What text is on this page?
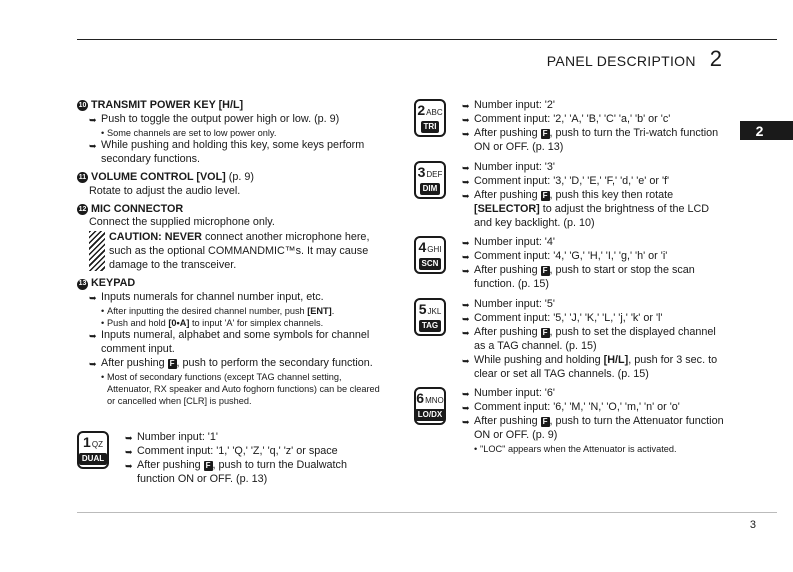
PANEL DESCRIPTION 2
2
10 TRANSMIT POWER KEY [H/L]
➥ Push to toggle the output power high or low. (p. 9)
• Some channels are set to low power only.
➥ While pushing and holding this key, some keys perform secondary functions.
11 VOLUME CONTROL [VOL] (p. 9)
Rotate to adjust the audio level.
12 MIC CONNECTOR
Connect the supplied microphone only.
CAUTION: NEVER connect another microphone here, such as the optional COMMANDMIC™s. It may cause damage to the transceiver.
13 KEYPAD
➥ Inputs numerals for channel number input, etc.
• After inputting the desired channel number, push [ENT].
• Push and hold [0•A] to input 'A' for simplex channels.
➥ Inputs numeral, alphabet and some symbols for channel comment input.
➥ After pushing F , push to perform the secondary function.
• Most of secondary functions (except TAG channel setting, Attenuator, RX speaker and Auto foghorn functions) can be cleared or cancelled when [CLR] is pushed.
1 QZ
DUAL
➥ Number input: '1'
➥ Comment input: '1,' 'Q,' 'Z,' 'q,' 'z' or space
➥ After pushing F , push to turn the Dualwatch function ON or OFF. (p. 13)
2 ABC
TRI
➥ Number input: '2'
➥ Comment input: '2,' 'A,' 'B,' 'C' 'a,' 'b' or 'c'
➥ After pushing F , push to turn the Tri-watch function ON or OFF. (p. 13)
3 DEF
DIM
➥ Number input: '3'
➥ Comment input: '3,' 'D,' 'E,' 'F,' 'd,' 'e' or 'f'
➥ After pushing F , push this key then rotate [SELECTOR] to adjust the brightness of the LCD and key backlight. (p. 10)
4 GHI
SCN
➥ Number input: '4'
➥ Comment input: '4,' 'G,' 'H,' 'I,' 'g,' 'h' or 'i'
➥ After pushing F , push to start or stop the scan function. (p. 15)
5 JKL
TAG
➥ Number input: '5'
➥ Comment input: '5,' 'J,' 'K,' 'L,' 'j,' 'k' or 'l'
➥ After pushing F , push to set the displayed channel as a TAG channel. (p. 15)
➥ While pushing and holding [H/L], push for 3 sec. to clear or set all TAG channels. (p. 15)
6 MNO
LO/DX
➥ Number input: '6'
➥ Comment input: '6,' 'M,' 'N,' 'O,' 'm,' 'n' or 'o'
➥ After pushing F , push to turn the Attenuator function ON or OFF. (p. 9)
• "LOC" appears when the Attenuator is activated.
3
